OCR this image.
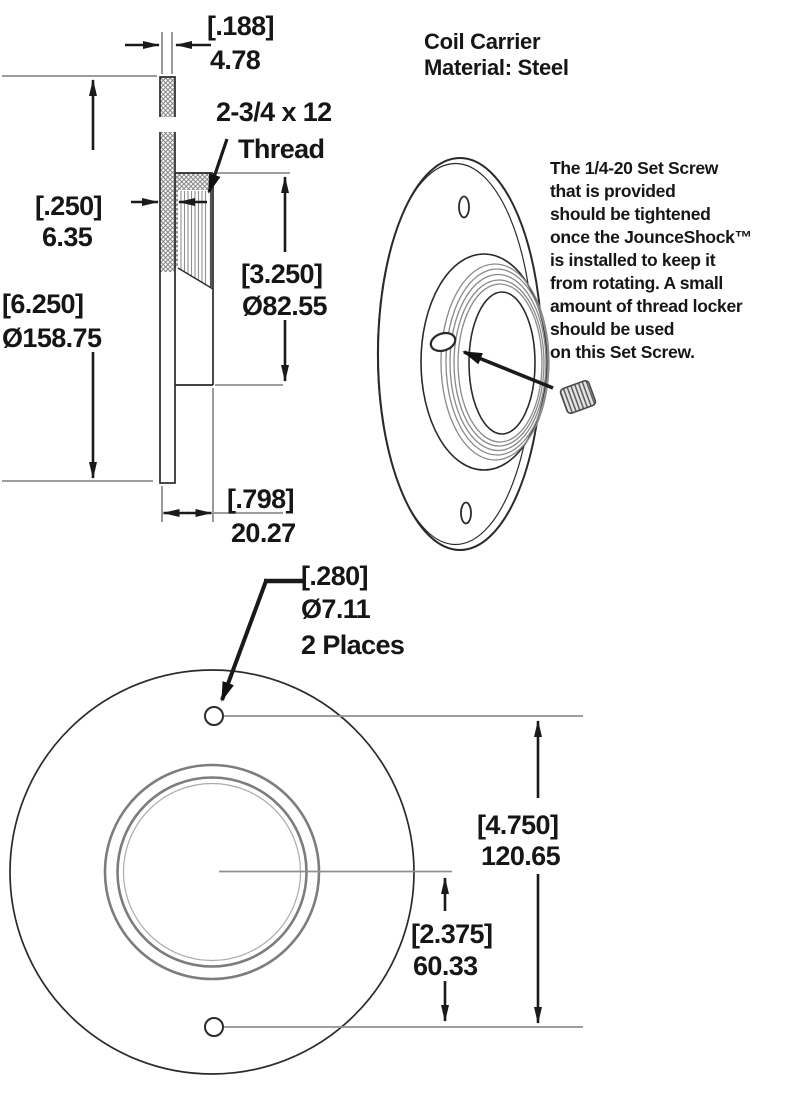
[.188]
4.78
2-3/4 x 12
Thread
[.250]
6.35
[6.250]
Ø158.75
[3.250]
Ø82.55
[.798]
20.27
Coil Carrier
Material: Steel
The 1/4-20 Set Screw
that is provided
should be tightened
once the JounceShock™
is installed to keep it
from rotating. A small
amount of thread locker
should be used
on this Set Screw.
[.280]
Ø7.11
2 Places
[4.750]
120.65
[2.375]
60.33
